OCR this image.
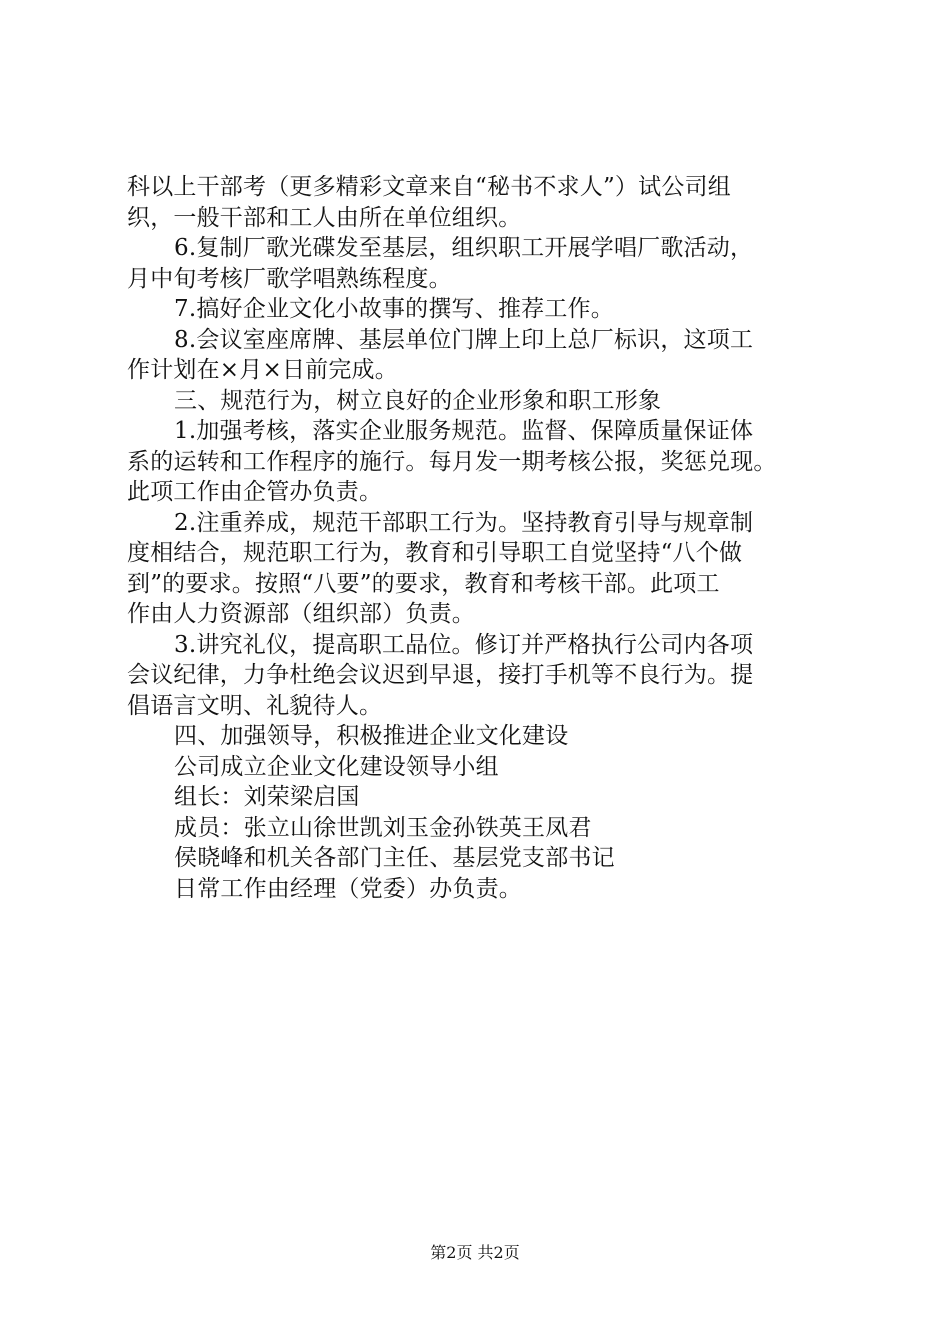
科以上干部考（更多精彩文章来自“秘书不求人”）试公司组
织，一般干部和工人由所在单位组织。
6.复制厂歌光碟发至基层，组织职工开展学唱厂歌活动，
月中旬考核厂歌学唱熟练程度。
7.搞好企业文化小故事的撰写、推荐工作。
8.会议室座席牌、基层单位门牌上印上总厂标识，这项工
作计划在×月×日前完成。
三、规范行为，树立良好的企业形象和职工形象
1.加强考核，落实企业服务规范。监督、保障质量保证体
系的运转和工作程序的施行。每月发一期考核公报，奖惩兑现。
此项工作由企管办负责。
2.注重养成，规范干部职工行为。坚持教育引导与规章制
度相结合，规范职工行为，教育和引导职工自觉坚持“八个做
到”的要求。按照“八要”的要求，教育和考核干部。此项工
作由人力资源部（组织部）负责。
3.讲究礼仪，提高职工品位。修订并严格执行公司内各项
会议纪律，力争杜绝会议迟到早退，接打手机等不良行为。提
倡语言文明、礼貌待人。
四、加强领导，积极推进企业文化建设
公司成立企业文化建设领导小组
组长：刘荣梁启国
成员：张立山徐世凯刘玉金孙铁英王凤君
侯晓峰和机关各部门主任、基层党支部书记
日常工作由经理（党委）办负责。
第2页 共2页
